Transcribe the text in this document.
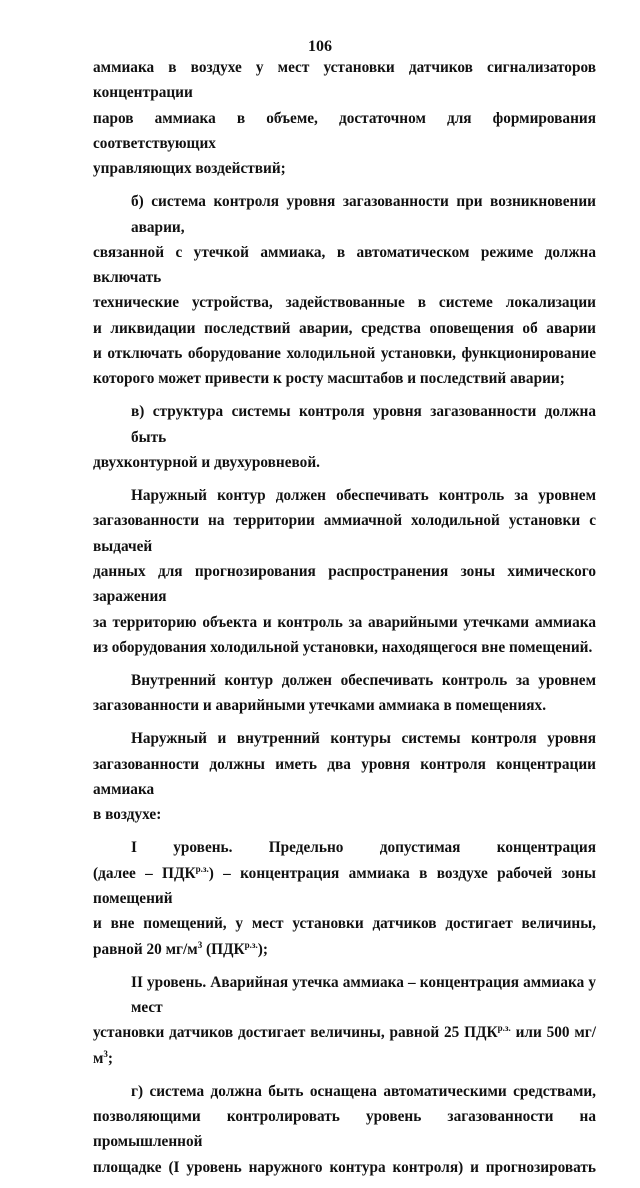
106
аммиака в воздухе у мест установки датчиков сигнализаторов концентрации
паров аммиака в объеме, достаточном для формирования соответствующих
управляющих воздействий;
б) система контроля уровня загазованности при возникновении аварии,
связанной с утечкой аммиака, в автоматическом режиме должна включать
технические устройства, задействованные в системе локализации
и ликвидации последствий аварии, средства оповещения об аварии
и отключать оборудование холодильной установки, функционирование
которого может привести к росту масштабов и последствий аварии;
в) структура системы контроля уровня загазованности должна быть
двухконтурной и двухуровневой.
Наружный контур должен обеспечивать контроль за уровнем
загазованности на территории аммиачной холодильной установки с выдачей
данных для прогнозирования распространения зоны химического заражения
за территорию объекта и контроль за аварийными утечками аммиака
из оборудования холодильной установки, находящегося вне помещений.
Внутренний контур должен обеспечивать контроль за уровнем
загазованности и аварийными утечками аммиака в помещениях.
Наружный и внутренний контуры системы контроля уровня
загазованности должны иметь два уровня контроля концентрации аммиака
в воздухе:
I уровень. Предельно допустимая концентрация
(далее – $ПДК^{р.з.}$) – концентрация аммиака в воздухе рабочей зоны помещений
и вне помещений, у мест установки датчиков достигает величины,
равной 20 $мг/м^3$ $(ПДК^{р.з.})$;
II уровень. Аварийная утечка аммиака – концентрация аммиака у мест
установки датчиков достигает величины, равной 25 $ПДК^{р.з.}$ или 500 $мг/м^3$;
г) система должна быть оснащена автоматическими средствами,
позволяющими контролировать уровень загазованности на промышленной
площадке (I уровень наружного контура контроля) и прогнозировать
